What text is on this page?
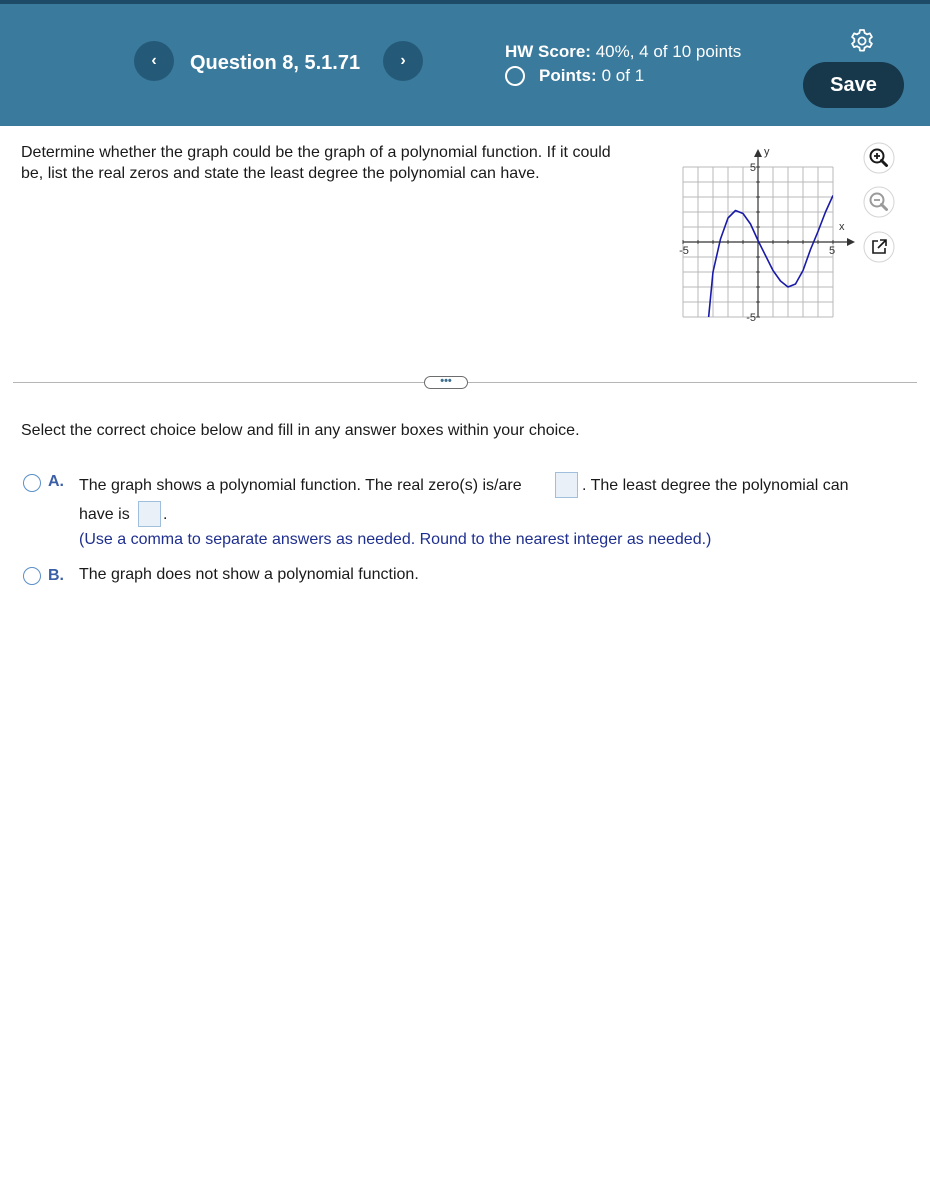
‹	Question 8, 5.1.71	›	HW Score: 40%, 4 of 10 points
Points: 0 of 1	Save
Determine whether the graph could be the graph of a polynomial function. If it could be, list the real zeros and state the least degree the polynomial can have.
y
x
5
-5
-5	5
•••
Select the correct choice below and fill in any answer boxes within your choice.
A. The graph shows a polynomial function. The real zero(s) is/are	. The least degree the polynomial can
have is .
(Use a comma to separate answers as needed. Round to the nearest integer as needed.)
B. The graph does not show a polynomial function.
